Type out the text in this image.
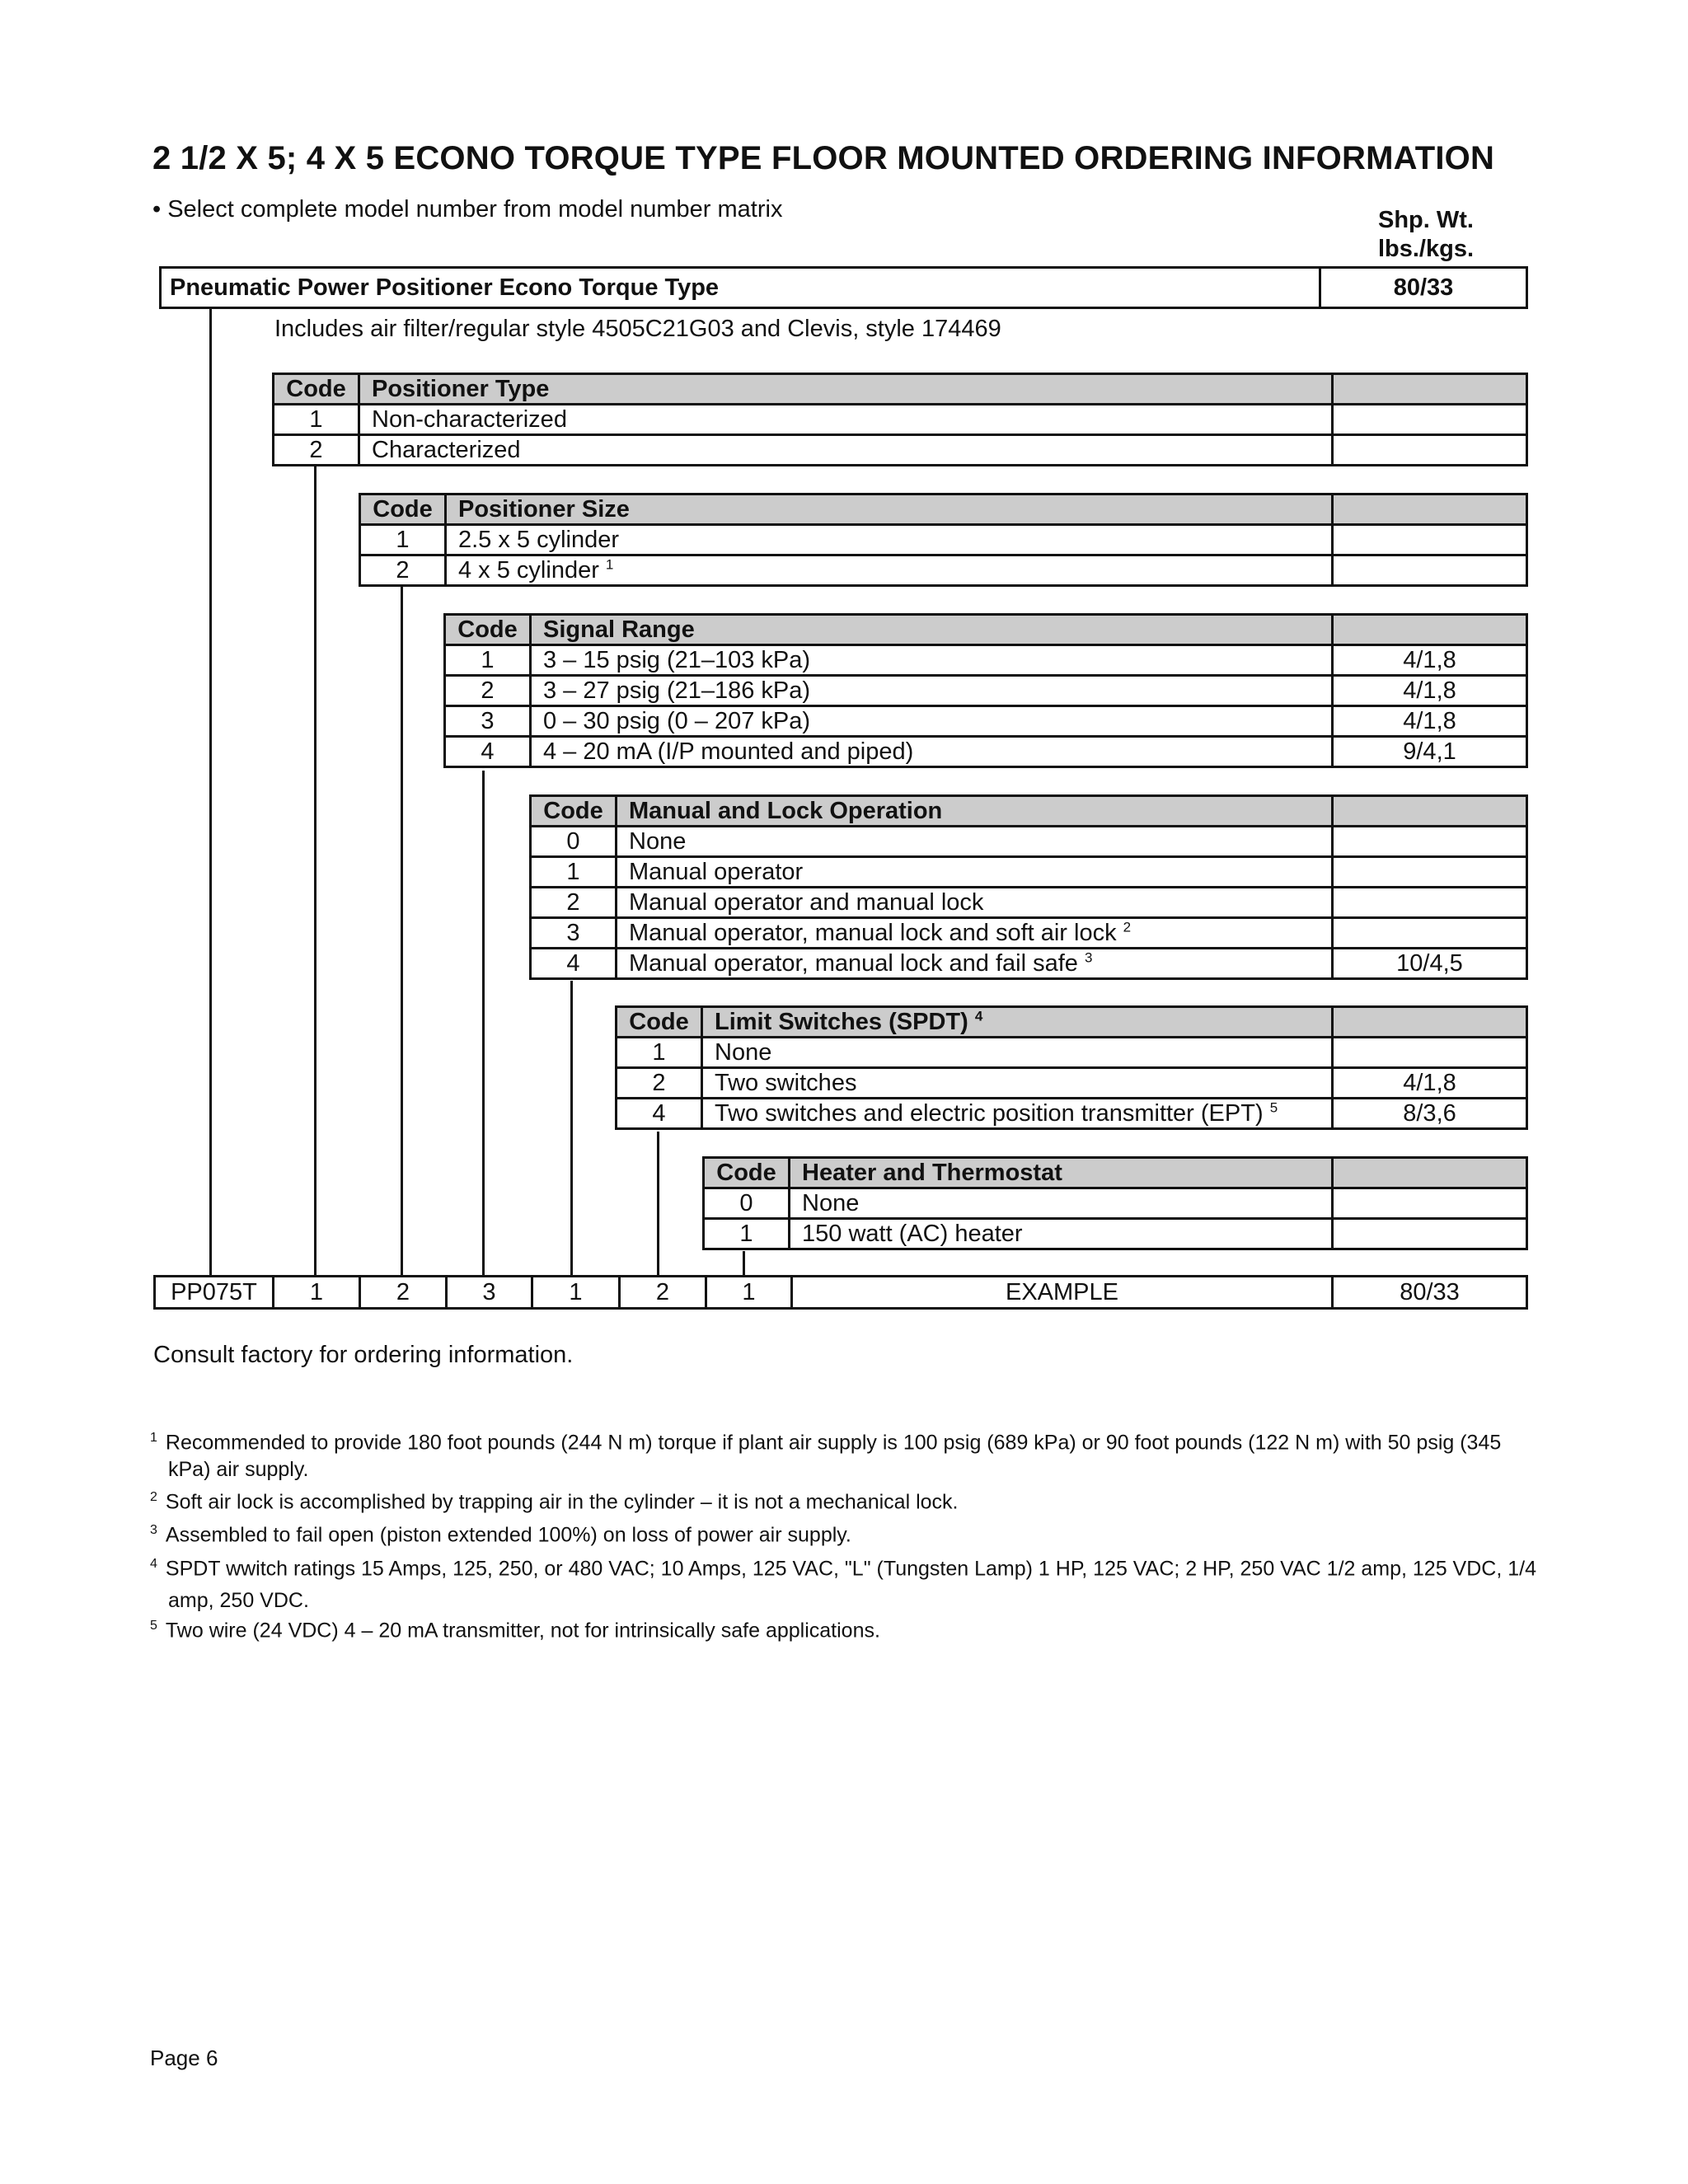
2 1/2 X 5; 4 X 5 ECONO TORQUE TYPE FLOOR MOUNTED ORDERING INFORMATION
• Select complete model number from model number matrix	Shp. Wt.
lbs./kgs.
Pneumatic Power Positioner Econo Torque Type	80/33
Includes air filter/regular style 4505C21G03 and Clevis, style 174469
Code	Positioner Type	
1	Non-characterized	
2	Characterized	
Code	Positioner Size	
1	2.5 x 5 cylinder	
2	4 x 5 cylinder $^1$	
Code	Signal Range	
1	3 – 15 psig (21–103 kPa)	4/1,8
2	3 – 27 psig (21–186 kPa)	4/1,8
3	0 – 30 psig (0 – 207 kPa)	4/1,8
4	4 – 20 mA (I/P mounted and piped)	9/4,1
Code	Manual and Lock Operation	
0	None	
1	Manual operator	
2	Manual operator and manual lock	
3	Manual operator, manual lock and soft air lock $^2$	
4	Manual operator, manual lock and fail safe $^3$	10/4,5
Code	Limit Switches (SPDT) $^4$	
1	None	
2	Two switches	4/1,8
4	Two switches and electric position transmitter (EPT) $^5$	8/3,6
Code	Heater and Thermostat	
0	None	
1	150 watt (AC) heater	
PP075T	1	2	3	1	2	1	EXAMPLE	80/33
Consult factory for ordering information.
$^1$ Recommended to provide 180 foot pounds (244 N m) torque if plant air supply is 100 psig (689 kPa) or 90 foot pounds (122 N m) with 50 psig (345 kPa) air supply.
$^2$ Soft air lock is accomplished by trapping air in the cylinder – it is not a mechanical lock.
$^3$ Assembled to fail open (piston extended 100%) on loss of power air supply.
$^4$ SPDT wwitch ratings 15 Amps, 125, 250, or 480 VAC; 10 Amps, 125 VAC, "L" (Tungsten Lamp) 1 HP, 125 VAC; 2 HP, 250 VAC 1/2 amp, 125 VDC, 1/4 amp, 250 VDC.
$^5$ Two wire (24 VDC) 4 – 20 mA transmitter, not for intrinsically safe applications.
Page 6
